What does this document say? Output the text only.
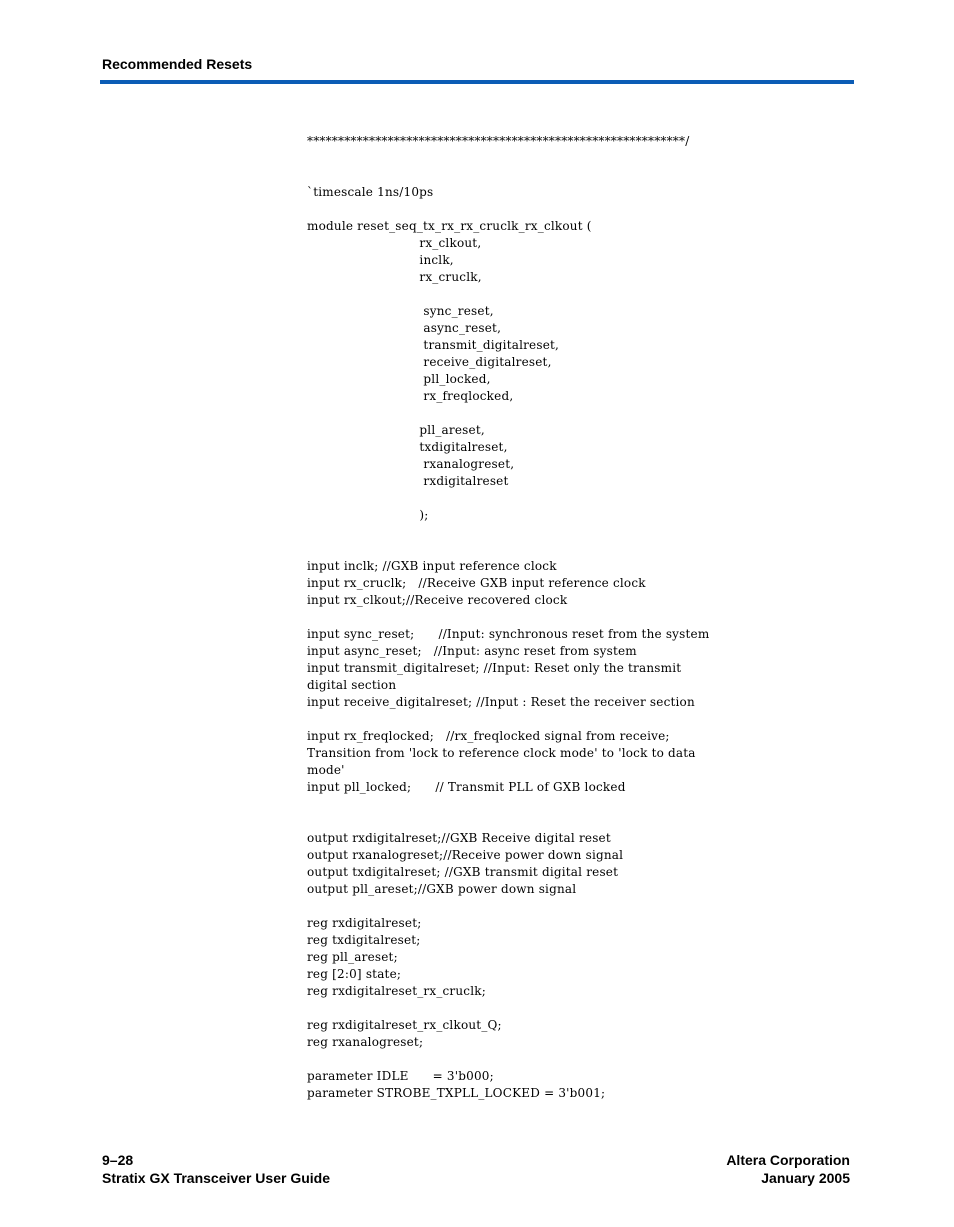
Recommended Resets
*************************************************************/
`timescale 1ns/10ps
module reset_seq_tx_rx_rx_cruclk_rx_clkout (
rx_clkout,
inclk,
rx_cruclk,
sync_reset,
async_reset,
transmit_digitalreset,
receive_digitalreset,
pll_locked,
rx_freqlocked,
pll_areset,
txdigitalreset,
rxanalogreset,
rxdigitalreset
);
input inclk; //GXB input reference clock
input rx_cruclk;   //Receive GXB input reference clock
input rx_clkout;//Receive recovered clock
input sync_reset;      //Input: synchronous reset from the system
input async_reset;   //Input: async reset from system
input transmit_digitalreset; //Input: Reset only the transmit
digital section
input receive_digitalreset; //Input : Reset the receiver section
input rx_freqlocked;   //rx_freqlocked signal from receive;
Transition from 'lock to reference clock mode' to 'lock to data
mode'
input pll_locked;      // Transmit PLL of GXB locked
output rxdigitalreset;//GXB Receive digital reset
output rxanalogreset;//Receive power down signal
output txdigitalreset; //GXB transmit digital reset
output pll_areset;//GXB power down signal
reg rxdigitalreset;
reg txdigitalreset;
reg pll_areset;
reg [2:0] state;
reg rxdigitalreset_rx_cruclk;
reg rxdigitalreset_rx_clkout_Q;
reg rxanalogreset;
parameter IDLE      = 3'b000;
parameter STROBE_TXPLL_LOCKED = 3'b001;
9–28
Stratix GX Transceiver User Guide
Altera Corporation
January 2005
